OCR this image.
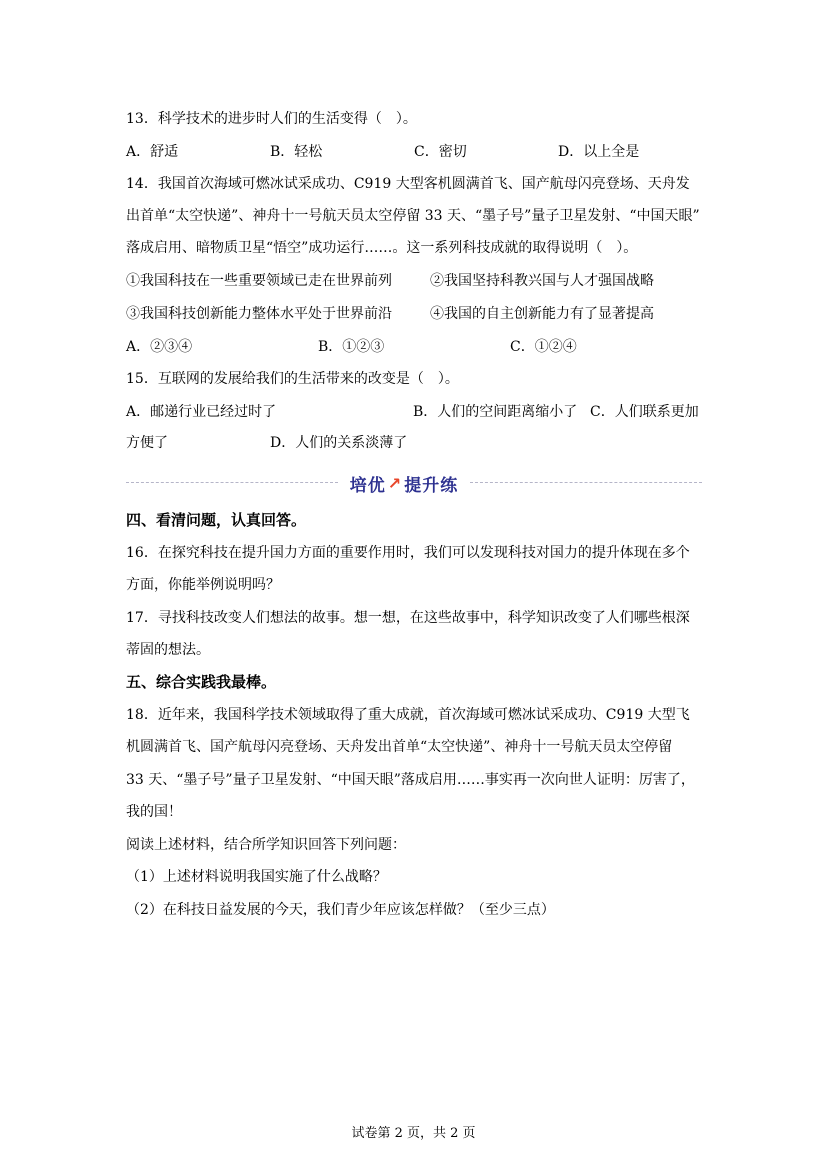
13．科学技术的进步时人们的生活变得（　）。
A．舒适	B．轻松	C．密切	D．以上全是
14．我国首次海域可燃冰试采成功、C919 大型客机圆满首飞、国产航母闪亮登场、天舟发
出首单“太空快递”、神舟十一号航天员太空停留 33 天、“墨子号”量子卫星发射、“中国天眼”
落成启用、暗物质卫星“悟空”成功运行……。这一系列科技成就的取得说明（　）。
①我国科技在一些重要领域已走在世界前列	②我国坚持科教兴国与人才强国战略
③我国科技创新能力整体水平处于世界前沿	④我国的自主创新能力有了显著提高
A．②③④	B．①②③	C．①②④
15．互联网的发展给我们的生活带来的改变是（　）。
A．邮递行业已经过时了	B．人们的空间距离缩小了 C．人们联系更加
方便了	D．人们的关系淡薄了
培优 ↗ 提升练
四、看清问题，认真回答。
16．在探究科技在提升国力方面的重要作用时，我们可以发现科技对国力的提升体现在多个
方面，你能举例说明吗？
17．寻找科技改变人们想法的故事。想一想，在这些故事中，科学知识改变了人们哪些根深
蒂固的想法。
五、综合实践我最棒。
18．近年来，我国科学技术领域取得了重大成就，首次海域可燃冰试采成功、C919 大型飞
机圆满首飞、国产航母闪亮登场、天舟发出首单“太空快递”、神舟十一号航天员太空停留
33 天、“墨子号”量子卫星发射、“中国天眼”落成启用……事实再一次向世人证明：厉害了，
我的国！
阅读上述材料，结合所学知识回答下列问题：
（1）上述材料说明我国实施了什么战略？
（2）在科技日益发展的今天，我们青少年应该怎样做？（至少三点）
试卷第 2 页，共 2 页
